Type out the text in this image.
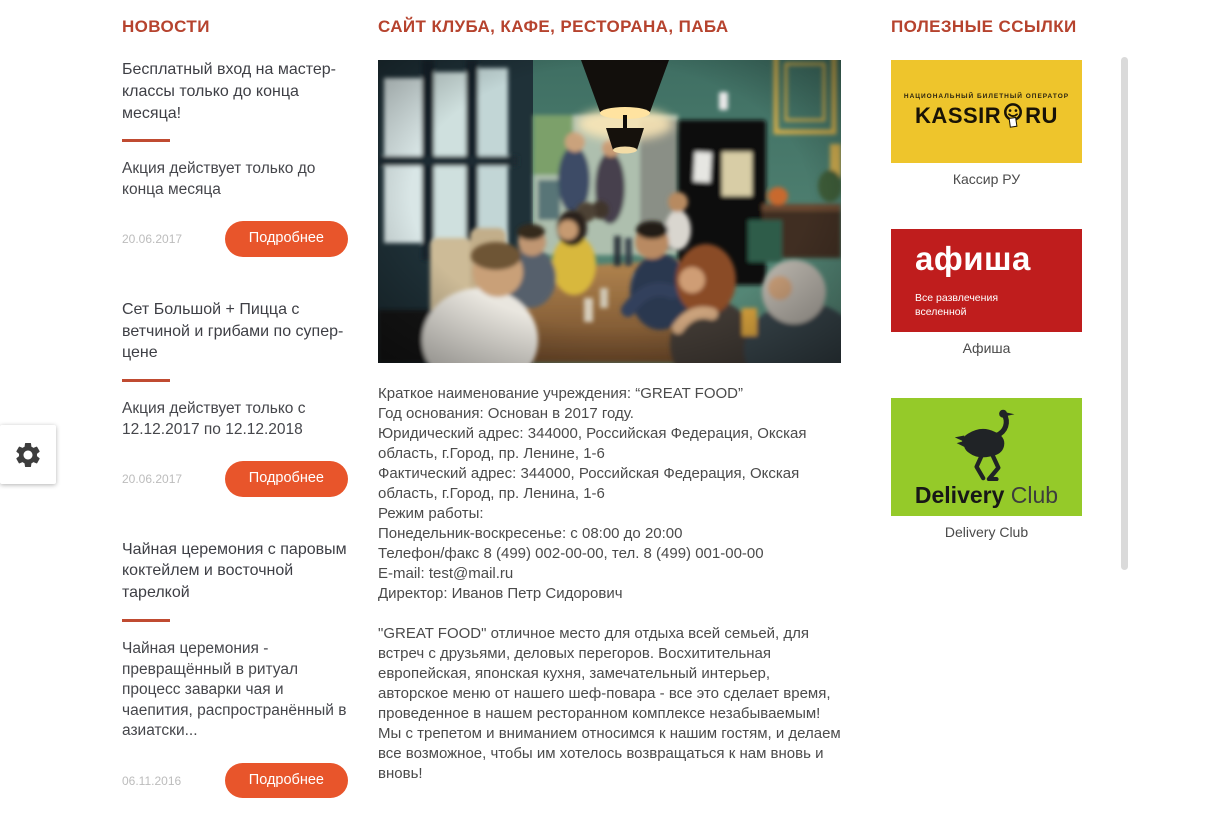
НОВОСТИ
Бесплатный вход на мастер-классы только до конца месяца!
Акция действует только до конца месяца
20.06.2017	Подробнее
Сет Большой + Пицца с ветчиной и грибами по супер-цене
Акция действует только с 12.12.2017 по 12.12.2018
20.06.2017	Подробнее
Чайная церемония с паровым коктейлем и восточной тарелкой
Чайная церемония - превращённый в ритуал процесс заварки чая и чаепития, распространённый в азиатски...
06.11.2016	Подробнее
САЙТ КЛУБА, КАФЕ, РЕСТОРАНА, ПАБА
Краткое наименование учреждения: “GREAT FOOD”
Год основания: Основан в 2017 году.
Юридический адрес: 344000, Российская Федерация, Окская область, г.Город, пр. Ленине, 1-6
Фактический адрес: 344000, Российская Федерация, Окская область, г.Город, пр. Ленина, 1-6
Режим работы:
Понедельник-воскресенье: с 08:00 до 20:00
Телефон/факс 8 (499) 002-00-00, тел. 8 (499) 001-00-00
E-mail: test@mail.ru
Директор: Иванов Петр Сидорович
"GREAT FOOD" отличное место для отдыха всей семьей, для встреч с друзьями, деловых перегоров. Восхитительная европейская, японская кухня, замечательный интерьер, авторское меню от нашего шеф-повара - все это сделает время, проведенное в нашем ресторанном комплексе незабываемым!
Мы с трепетом и вниманием относимся к нашим гостям, и делаем все возможное, чтобы им хотелось возвращаться к нам вновь и вновь!
ПОЛЕЗНЫЕ ССЫЛКИ
НАЦИОНАЛЬНЫЙ БИЛЕТНЫЙ ОПЕРАТОР
KASSIR RU
Кассир РУ
афиша
Все развлечения
вселенной
Афиша
Delivery Club
Delivery Club
